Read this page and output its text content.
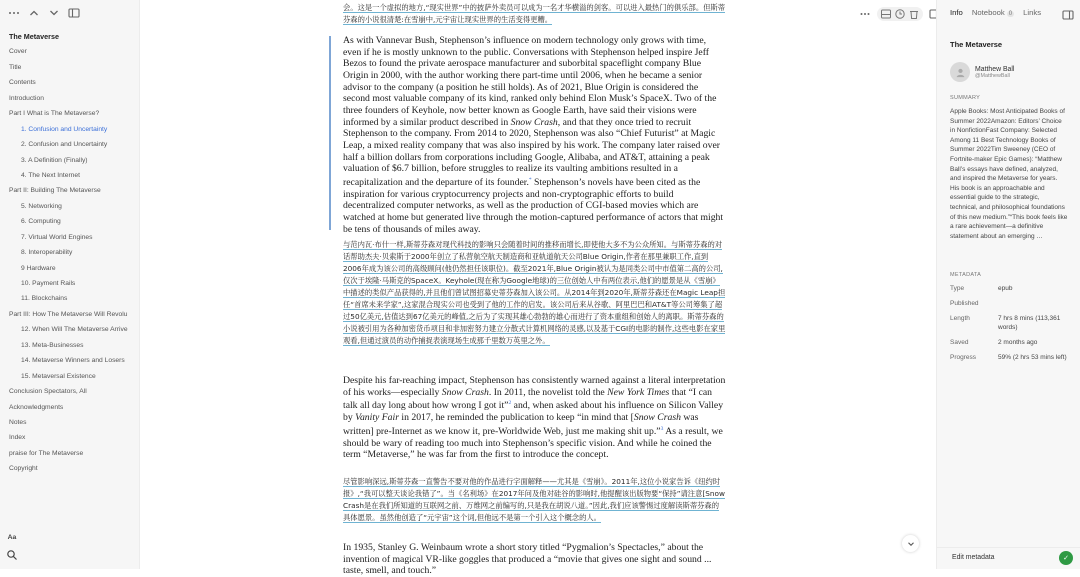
The Metaverse
Cover
Title
Contents
Introduction
Part I What is The Metaverse?
1. Confusion and Uncertainty
2. Confusion and Uncertainty
3. A Definition (Finally)
4. The Next Internet
Part II: Building The Metaverse
5. Networking
6. Computing
7. Virtual World Engines
8. Interoperability
9 Hardware
10. Payment Rails
11. Blockchains
Part III: How The Metaverse Will Revolu
12. When Will The Metaverse Arrive
13. Meta-Businesses
14. Metaverse Winners and Losers
15. Metaversal Existence
Conclusion Spectators, All
Acknowledgments
Notes
Index
praise for The Metaverse
Copyright
Aa
会。这是一个虚拟的地方,“现实世界”中的披萨外卖员可以成为一名才华横溢的剑客。可以进入最热门的俱乐部。但斯蒂芬森的小说很清楚:在雪崩中,元宇宙让现实世界的生活变得更糟。

As with Vannevar Bush, Stephenson’s influence on modern technology only grows with time, even if he is mostly unknown to the public. Conversations with Stephenson helped inspire Jeff Bezos to found the private aerospace manufacturer and suborbital spaceflight company Blue Origin in 2000, with the author working there part-time until 2006, when he became a senior advisor to the company (a position he still holds). As of 2021, Blue Origin is considered the second most valuable company of its kind, ranked only behind Elon Musk’s SpaceX. Two of the three founders of Keyhole, now better known as Google Earth, have said their visions were informed by a similar product described in Snow Crash, and that they once tried to recruit Stephenson to the company. From 2014 to 2020, Stephenson was also “Chief Futurist” at Magic Leap, a mixed reality company that was also inspired by his work. The company later raised over half a billion dollars from corporations including Google, Alibaba, and AT&T, attaining a peak valuation of $6.7 billion, before struggles to realize its vaulting ambitions resulted in a recapitalization and the departure of its founder.* Stephenson’s novels have been cited as the inspiration for various cryptocurrency projects and non-cryptographic efforts to build decentralized computer networks, as well as the production of CGI-based movies which are watched at home but generated live through the motion-captured performance of actors that might be tens of thousands of miles away.

与范内瓦·布什一样,斯蒂芬森对现代科技的影响只会随着时间的推移而增长,即使他大多不为公众所知。与斯蒂芬森的对话帮助杰夫·贝索斯于2000年创立了私营航空航天制造商和亚轨道航天公司Blue Origin,作者在那里兼职工作,直到2006年成为该公司的高级顾问(他仍然担任该职位)。截至2021年,Blue Origin被认为是同类公司中市值第二高的公司,仅次于埃隆·马斯克的SpaceX。Keyhole(现在称为Google地球)的三位创始人中有两位表示,他们的愿景是从《雪崩》中描述的类似产品获得的,并且他们曾试图招募史蒂芬森加入该公司。从2014年到2020年,斯蒂芬森还在Magic Leap担任“首席未来学家”,这家混合现实公司也受到了他的工作的启发。该公司后来从谷歌、阿里巴巴和AT&T等公司筹集了超过50亿美元,估值达到67亿美元的峰值,之后为了实现其雄心勃勃的雄心而进行了资本重组和创始人的离职。斯蒂芬森的小说被引用为各种加密货币项目和非加密努力建立分散式计算机网络的灵感,以及基于CGI的电影的制作,这些电影在家里观看,但通过演员的动作捕捉表演现场生成那千里数万英里之外。

Despite his far-reaching impact, Stephenson has consistently warned against a literal interpretation of his works—especially Snow Crash. In 2011, the novelist told the New York Times that “I can talk all day long about how wrong I got it”$^2$ and, when asked about his influence on Silicon Valley by Vanity Fair in 2017, he reminded the publication to keep “in mind that [Snow Crash was written] pre-Internet as we know it, pre-Worldwide Web, just me making shit up.”$^3$ As a result, we should be wary of reading too much into Stephenson’s specific vision. And while he coined the term “Metaverse,” he was far from the first to introduce the concept.

尽管影响深远,斯蒂芬森一直警告不要对他的作品进行字面解释——尤其是《雪崩》。2011年,这位小说家告诉《纽约时报》,“我可以整天谈论我错了”。当《名利场》在2017年问及他对硅谷的影响时,他提醒该出版物要“保持”请注意[Snow Crash是在我们所知道的互联网之前、万维网之前编写的,只是我在胡说八道。”因此,我们应该警惕过度解读斯蒂芬森的具体愿景。虽然他创造了“元宇宙”这个词,但他远不是第一个引入这个概念的人。

In 1935, Stanley G. Weinbaum wrote a short story titled “Pygmalion’s Spectacles,” about the invention of magical VR-like goggles that produced a “movie that gives one sight and sound ... taste, smell, and touch.”

Info Notebook 0 Links
The Metaverse
Matthew Ball
@MatthewBall
SUMMARY
Apple Books: Most Anticipated Books of Summer 2022Amazon: Editors’ Choice in NonfictionFast Company: Selected Among 11 Best Technology Books of Summer 2022Tim Sweeney (CEO of Fortnite-maker Epic Games): “Matthew Ball’s essays have defined, analyzed, and inspired the Metaverse for years. His book is an approachable and essential guide to the strategic, technical, and philosophical foundations of this new medium.”“This book feels like a rare achievement—a definitive statement about an emerging …
METADATA
Type	epub
Published
Length	7 hrs 8 mins (113,361 words)
Saved	2 months ago
Progress	59% (2 hrs 53 mins left)
Edit metadata	✓
